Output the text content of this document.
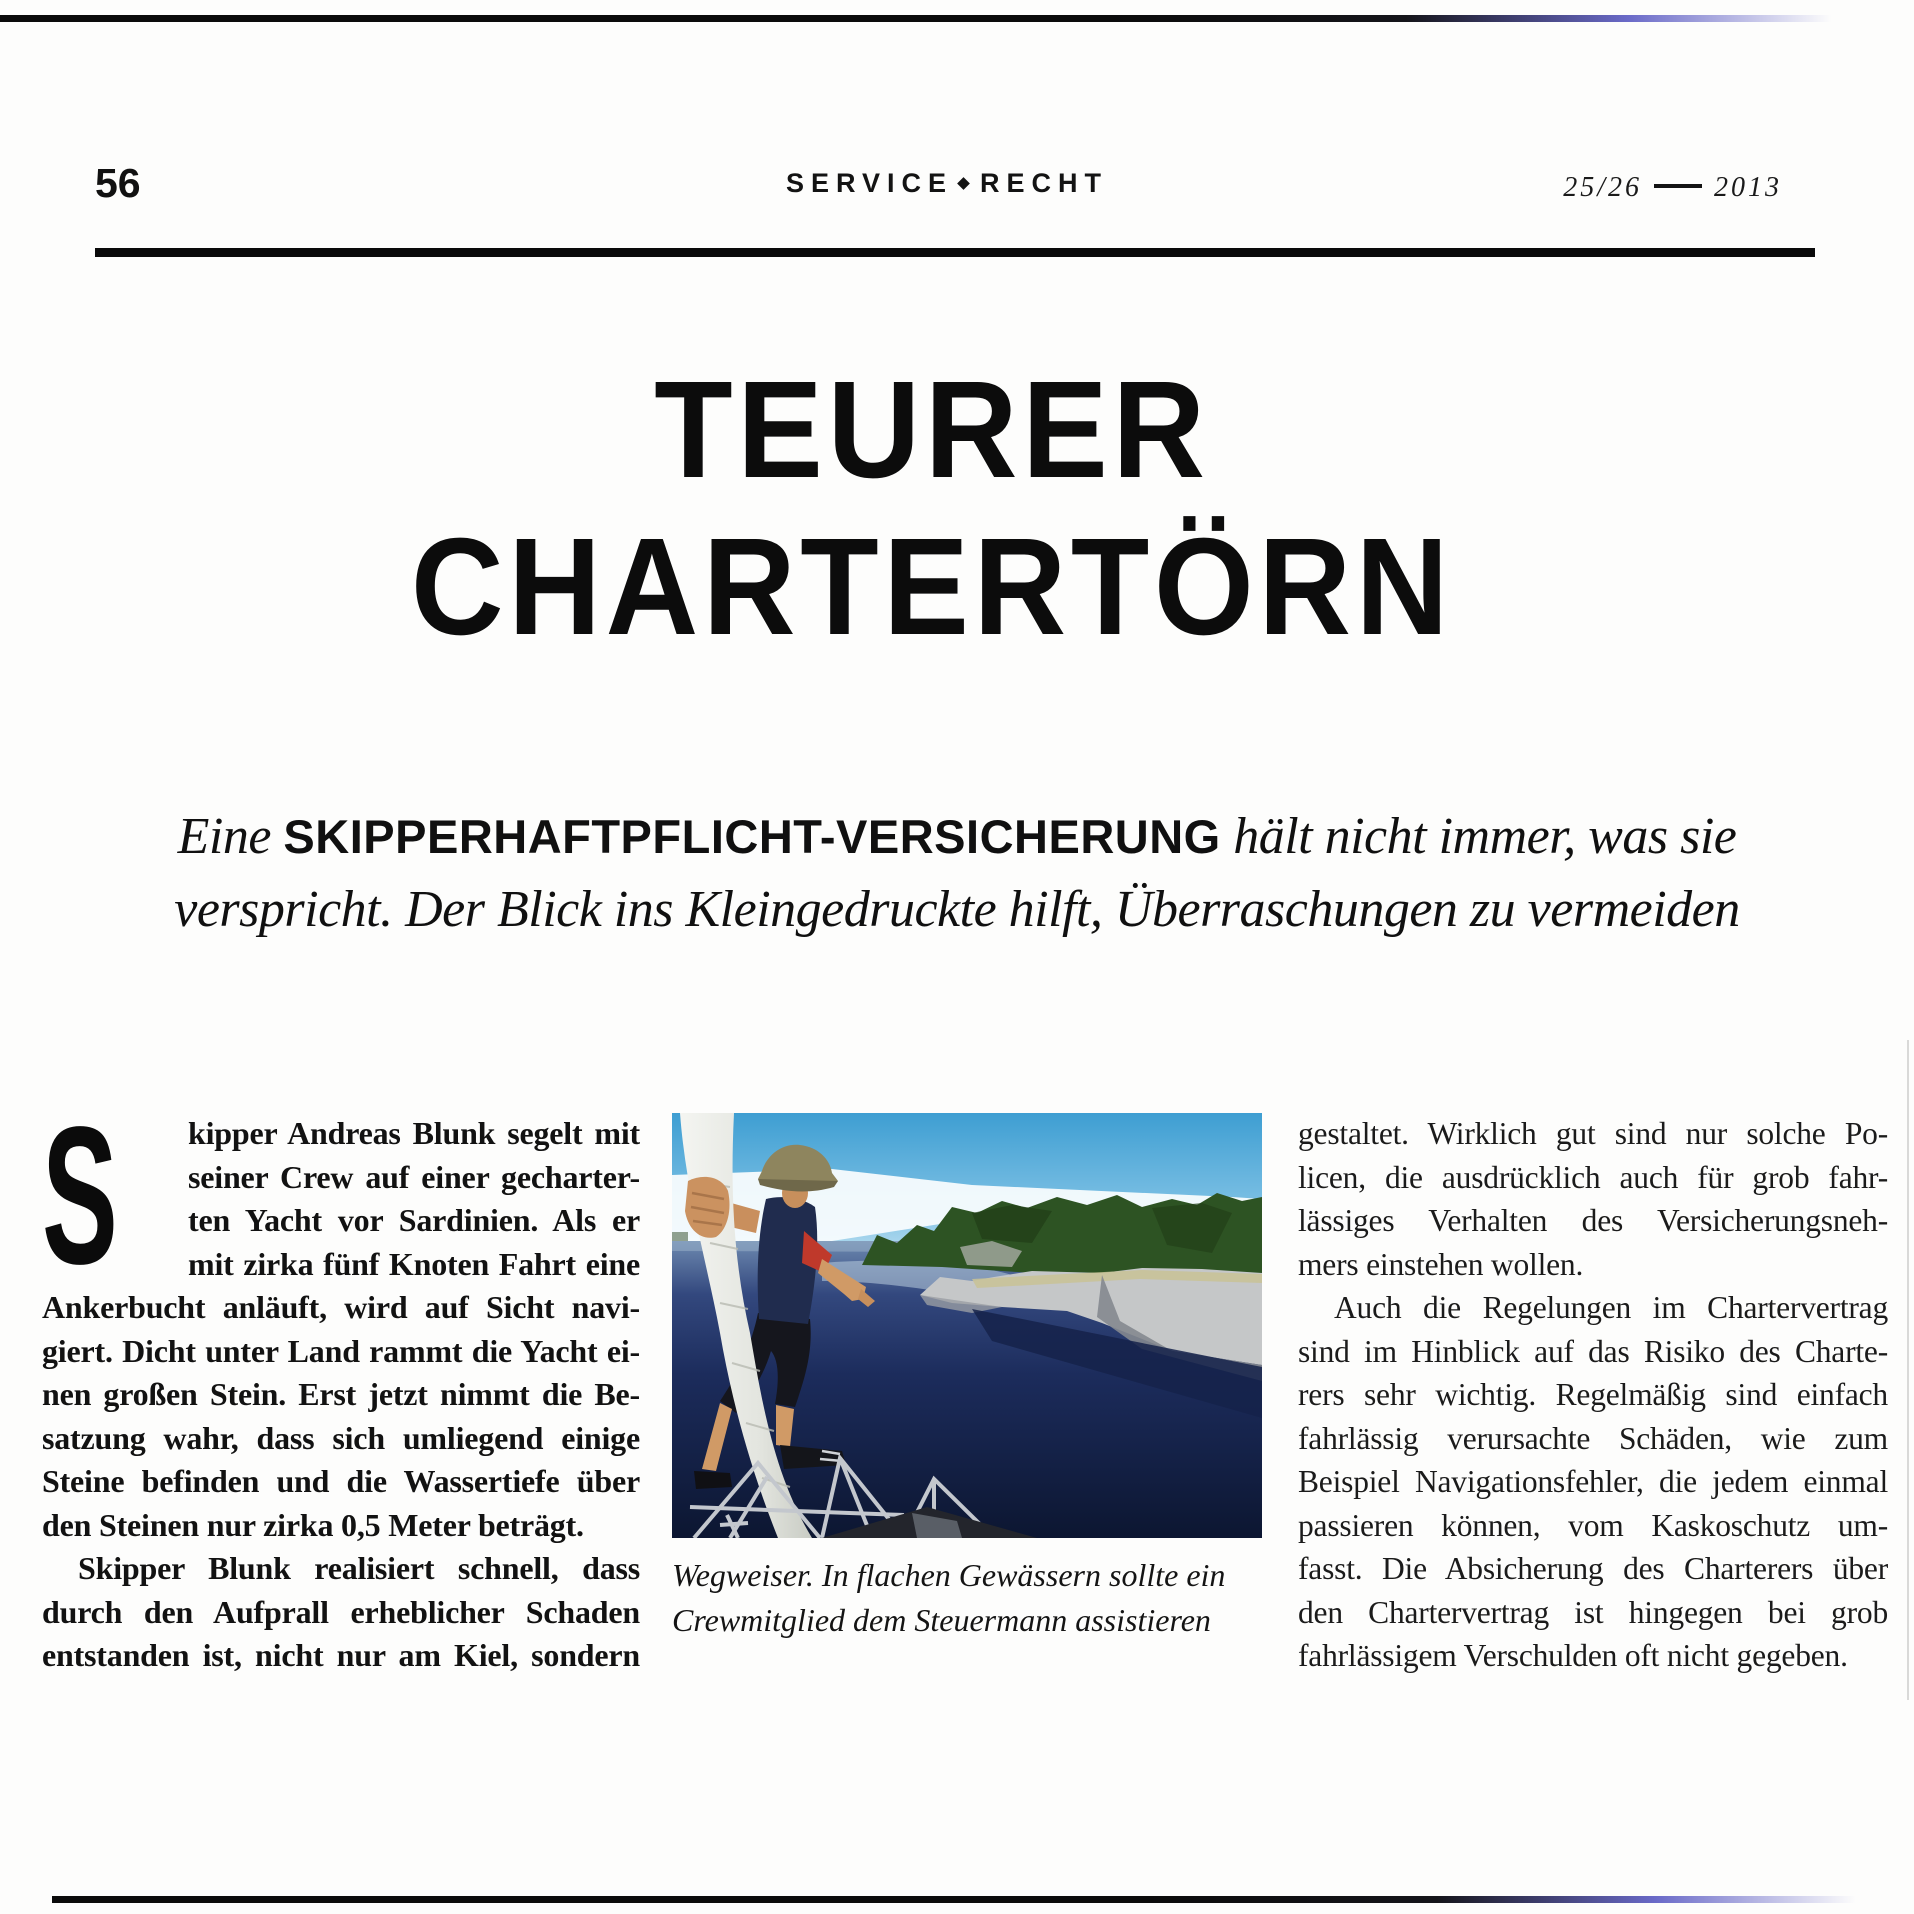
56	SERVICE RECHT	25/26	2013
TEURER
CHARTERTÖRN
Eine SKIPPERHAFTPFLICHT-VERSICHERUNG hält nicht immer, was sie
verspricht. Der Blick ins Kleingedruckte hilft, Überraschungen zu vermeiden
S	kipper Andreas Blunk segelt mit
seiner Crew auf einer gecharter-
ten Yacht vor Sardinien. Als er
mit zirka fünf Knoten Fahrt eine
Ankerbucht anläuft, wird auf Sicht navi-
giert. Dicht unter Land rammt die Yacht ei-
nen großen Stein. Erst jetzt nimmt die Be-
satzung wahr, dass sich umliegend einige
Steine befinden und die Wassertiefe über
den Steinen nur zirka 0,5 Meter beträgt.
Skipper Blunk realisiert schnell, dass
durch den Aufprall erheblicher Schaden
entstanden ist, nicht nur am Kiel, sondern
Wegweiser. In flachen Gewässern sollte ein
Crewmitglied dem Steuermann assistieren
gestaltet. Wirklich gut sind nur solche Po-
licen, die ausdrücklich auch für grob fahr-
lässiges Verhalten des Versicherungsneh-
mers einstehen wollen.
Auch die Regelungen im Chartervertrag
sind im Hinblick auf das Risiko des Charte-
rers sehr wichtig. Regelmäßig sind einfach
fahrlässig verursachte Schäden, wie zum
Beispiel Navigationsfehler, die jedem einmal
passieren können, vom Kaskoschutz um-
fasst. Die Absicherung des Charterers über
den Chartervertrag ist hingegen bei grob
fahrlässigem Verschulden oft nicht gegeben.
